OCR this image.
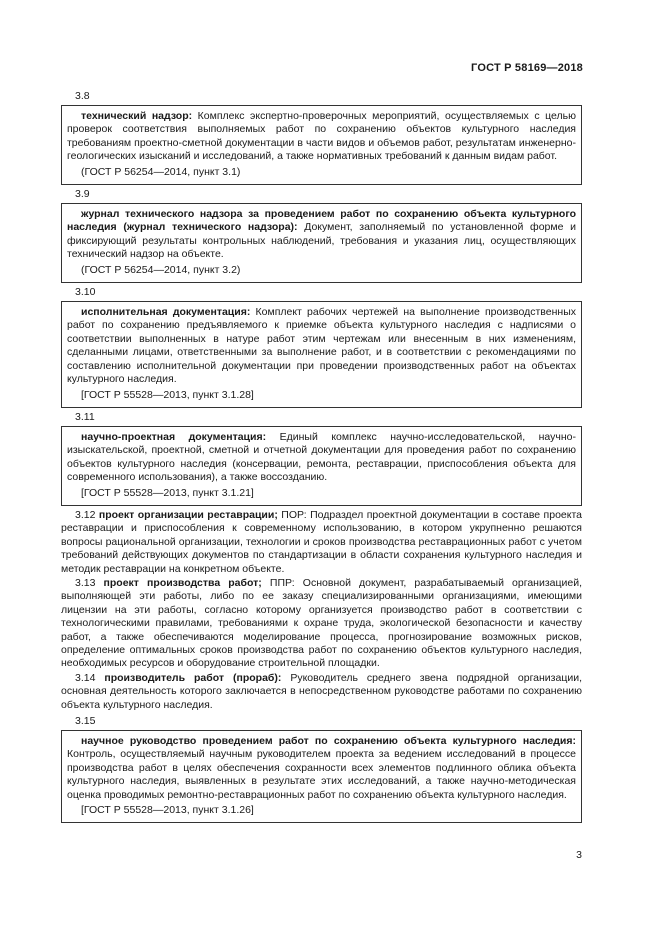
ГОСТ Р 58169—2018
3.8

технический надзор: Комплекс экспертно-проверочных мероприятий, осуществляемых с целью проверок соответствия выполняемых работ по сохранению объектов культурного наследия требованиям проектно-сметной документации в части видов и объемов работ, результатам инженерно-геологических изысканий и исследований, а также нормативных требований к данным видам работ.

(ГОСТ Р 56254—2014, пункт 3.1)

3.9

журнал технического надзора за проведением работ по сохранению объекта культурного наследия (журнал технического надзора): Документ, заполняемый по установленной форме и фиксирующий результаты контрольных наблюдений, требования и указания лиц, осуществляющих технический надзор на объекте.

(ГОСТ Р 56254—2014, пункт 3.2)

3.10

исполнительная документация: Комплект рабочих чертежей на выполнение производственных работ по сохранению предъявляемого к приемке объекта культурного наследия с надписями о соответствии выполненных в натуре работ этим чертежам или внесенным в них изменениям, сделанными лицами, ответственными за выполнение работ, и в соответствии с рекомендациями по составлению исполнительной документации при проведении производственных работ на объектах культурного наследия.

[ГОСТ Р 55528—2013, пункт 3.1.28]

3.11

научно-проектная документация: Единый комплекс научно-исследовательской, научно-изыскательской, проектной, сметной и отчетной документации для проведения работ по сохранению объектов культурного наследия (консервации, ремонта, реставрации, приспособления объекта для современного использования), а также воссозданию.

[ГОСТ Р 55528—2013, пункт 3.1.21]

3.12 проект организации реставрации; ПОР: Подраздел проектной документации в составе проекта реставрации и приспособления к современному использованию, в котором укрупненно решаются вопросы рациональной организации, технологии и сроков производства реставрационных работ с учетом требований действующих документов по стандартизации в области сохранения культурного наследия и методик реставрации на конкретном объекте.

3.13 проект производства работ; ППР: Основной документ, разрабатываемый организацией, выполняющей эти работы, либо по ее заказу специализированными организациями, имеющими лицензии на эти работы, согласно которому организуется производство работ в соответствии с технологическими правилами, требованиями к охране труда, экологической безопасности и качеству работ, а также обеспечиваются моделирование процесса, прогнозирование возможных рисков, определение оптимальных сроков производства работ по сохранению объектов культурного наследия, необходимых ресурсов и оборудование строительной площадки.

3.14 производитель работ (прораб): Руководитель среднего звена подрядной организации, основная деятельность которого заключается в непосредственном руководстве работами по сохранению объекта культурного наследия.

3.15

научное руководство проведением работ по сохранению объекта культурного наследия: Контроль, осуществляемый научным руководителем проекта за ведением исследований в процессе производства работ в целях обеспечения сохранности всех элементов подлинного облика объекта культурного наследия, выявленных в результате этих исследований, а также научно-методическая оценка проводимых ремонтно-реставрационных работ по сохранению объекта культурного наследия.

[ГОСТ Р 55528—2013, пункт 3.1.26]

3
